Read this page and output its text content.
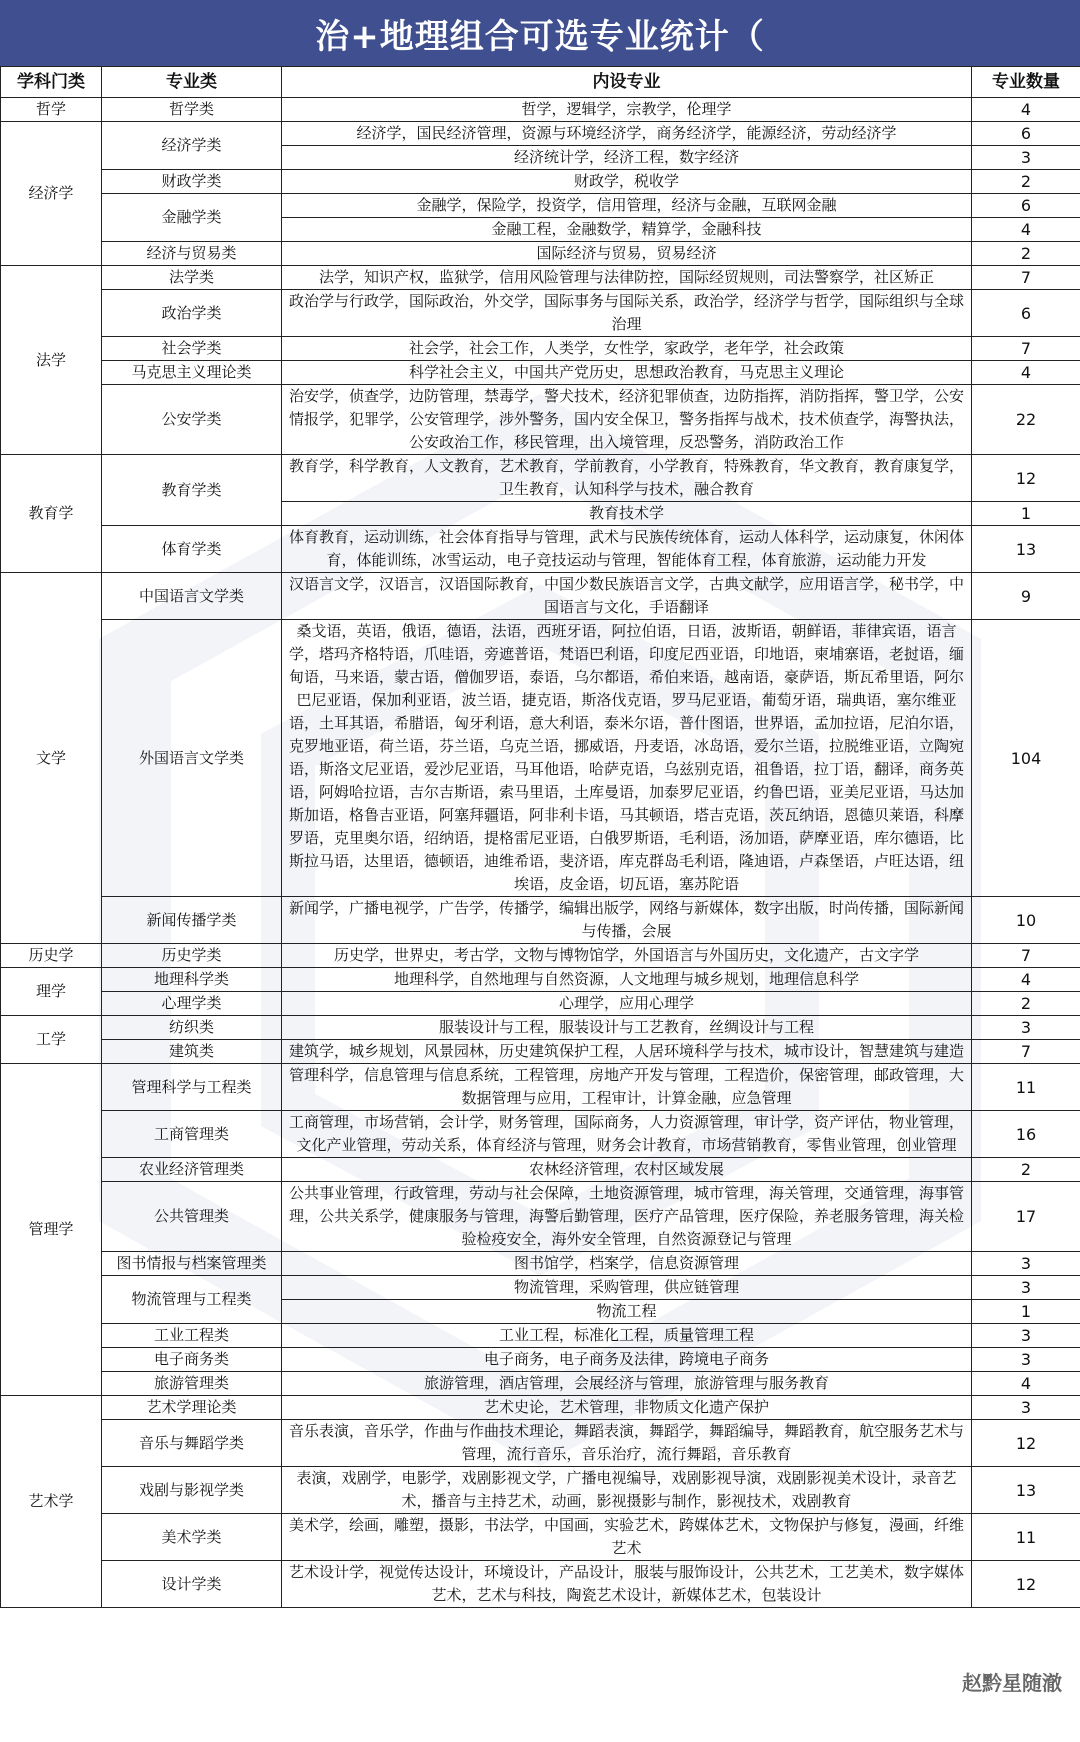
治+地理组合可选专业统计（
学科门类	专业类	内设专业	专业数量
哲学	哲学类	哲学，逻辑学，宗教学，伦理学	4
经济学	经济学类	经济学，国民经济管理，资源与环境经济学，商务经济学，能源经济，劳动经济学	6
		经济统计学，经济工程，数字经济	3
	财政学类	财政学，税收学	2
	金融学类	金融学，保险学，投资学，信用管理，经济与金融，互联网金融	6
		金融工程，金融数学，精算学，金融科技	4
	经济与贸易类	国际经济与贸易，贸易经济	2
法学	法学类	法学，知识产权，监狱学，信用风险管理与法律防控，国际经贸规则，司法警察学，社区矫正	7
	政治学类	政治学与行政学，国际政治，外交学，国际事务与国际关系，政治学，经济学与哲学，国际组织与全球治理	6
	社会学类	社会学，社会工作，人类学，女性学，家政学，老年学，社会政策	7
	马克思主义理论类	科学社会主义，中国共产党历史，思想政治教育，马克思主义理论	4
	公安学类	治安学，侦查学，边防管理，禁毒学，警犬技术，经济犯罪侦查，边防指挥，消防指挥，警卫学，公安情报学，犯罪学，公安管理学，涉外警务，国内安全保卫，警务指挥与战术，技术侦查学，海警执法，公安政治工作，移民管理，出入境管理，反恐警务，消防政治工作	22
教育学	教育学类	教育学，科学教育，人文教育，艺术教育，学前教育，小学教育，特殊教育，华文教育，教育康复学，卫生教育，认知科学与技术，融合教育	12
		教育技术学	1
	体育学类	体育教育，运动训练，社会体育指导与管理，武术与民族传统体育，运动人体科学，运动康复，休闲体育，体能训练，冰雪运动，电子竞技运动与管理，智能体育工程，体育旅游，运动能力开发	13
文学	中国语言文学类	汉语言文学，汉语言，汉语国际教育，中国少数民族语言文学，古典文献学，应用语言学，秘书学，中国语言与文化，手语翻译	9
	外国语言文学类	桑戈语，英语，俄语，德语，法语，西班牙语，阿拉伯语，日语，波斯语，朝鲜语，菲律宾语，语言学，塔玛齐格特语，爪哇语，旁遮普语，梵语巴利语，印度尼西亚语，印地语，柬埔寨语，老挝语，缅甸语，马来语，蒙古语，僧伽罗语，泰语，乌尔都语，希伯来语，越南语，豪萨语，斯瓦希里语，阿尔巴尼亚语，保加利亚语，波兰语，捷克语，斯洛伐克语，罗马尼亚语，葡萄牙语，瑞典语，塞尔维亚语，土耳其语，希腊语，匈牙利语，意大利语，泰米尔语，普什图语，世界语，孟加拉语，尼泊尔语，克罗地亚语，荷兰语，芬兰语，乌克兰语，挪威语，丹麦语，冰岛语，爱尔兰语，拉脱维亚语，立陶宛语，斯洛文尼亚语，爱沙尼亚语，马耳他语，哈萨克语，乌兹别克语，祖鲁语，拉丁语，翻译，商务英语，阿姆哈拉语，吉尔吉斯语，索马里语，土库曼语，加泰罗尼亚语，约鲁巴语，亚美尼亚语，马达加斯加语，格鲁吉亚语，阿塞拜疆语，阿非利卡语，马其顿语，塔吉克语，茨瓦纳语，恩德贝莱语，科摩罗语，克里奥尔语，绍纳语，提格雷尼亚语，白俄罗斯语，毛利语，汤加语，萨摩亚语，库尔德语，比斯拉马语，达里语，德顿语，迪维希语，斐济语，库克群岛毛利语，隆迪语，卢森堡语，卢旺达语，纽埃语，皮金语，切瓦语，塞苏陀语	104
	新闻传播学类	新闻学，广播电视学，广告学，传播学，编辑出版学，网络与新媒体，数字出版，时尚传播，国际新闻与传播，会展	10
历史学	历史学类	历史学，世界史，考古学，文物与博物馆学，外国语言与外国历史，文化遗产，古文字学	7
理学	地理科学类	地理科学，自然地理与自然资源，人文地理与城乡规划，地理信息科学	4
	心理学类	心理学，应用心理学	2
工学	纺织类	服装设计与工程，服装设计与工艺教育，丝绸设计与工程	3
	建筑类	建筑学，城乡规划，风景园林，历史建筑保护工程，人居环境科学与技术，城市设计，智慧建筑与建造	7
管理学	管理科学与工程类	管理科学，信息管理与信息系统，工程管理，房地产开发与管理，工程造价，保密管理，邮政管理，大数据管理与应用，工程审计，计算金融，应急管理	11
	工商管理类	工商管理，市场营销，会计学，财务管理，国际商务，人力资源管理，审计学，资产评估，物业管理，文化产业管理，劳动关系，体育经济与管理，财务会计教育，市场营销教育，零售业管理，创业管理	16
	农业经济管理类	农林经济管理，农村区域发展	2
	公共管理类	公共事业管理，行政管理，劳动与社会保障，土地资源管理，城市管理，海关管理，交通管理，海事管理，公共关系学，健康服务与管理，海警后勤管理，医疗产品管理，医疗保险，养老服务管理，海关检验检疫安全，海外安全管理，自然资源登记与管理	17
	图书情报与档案管理类	图书馆学，档案学，信息资源管理	3
	物流管理与工程类	物流管理，采购管理，供应链管理	3
		物流工程	1
	工业工程类	工业工程，标准化工程，质量管理工程	3
	电子商务类	电子商务，电子商务及法律，跨境电子商务	3
	旅游管理类	旅游管理，酒店管理，会展经济与管理，旅游管理与服务教育	4
艺术学	艺术学理论类	艺术史论，艺术管理，非物质文化遗产保护	3
	音乐与舞蹈学类	音乐表演，音乐学，作曲与作曲技术理论，舞蹈表演，舞蹈学，舞蹈编导，舞蹈教育，航空服务艺术与管理，流行音乐，音乐治疗，流行舞蹈，音乐教育	12
	戏剧与影视学类	表演，戏剧学，电影学，戏剧影视文学，广播电视编导，戏剧影视导演，戏剧影视美术设计，录音艺术，播音与主持艺术，动画，影视摄影与制作，影视技术，戏剧教育	13
	美术学类	美术学，绘画，雕塑，摄影，书法学，中国画，实验艺术，跨媒体艺术，文物保护与修复，漫画，纤维艺术	11
	设计学类	艺术设计学，视觉传达设计，环境设计，产品设计，服装与服饰设计，公共艺术，工艺美术，数字媒体艺术，艺术与科技，陶瓷艺术设计，新媒体艺术，包装设计	12
赵黔星随澈
